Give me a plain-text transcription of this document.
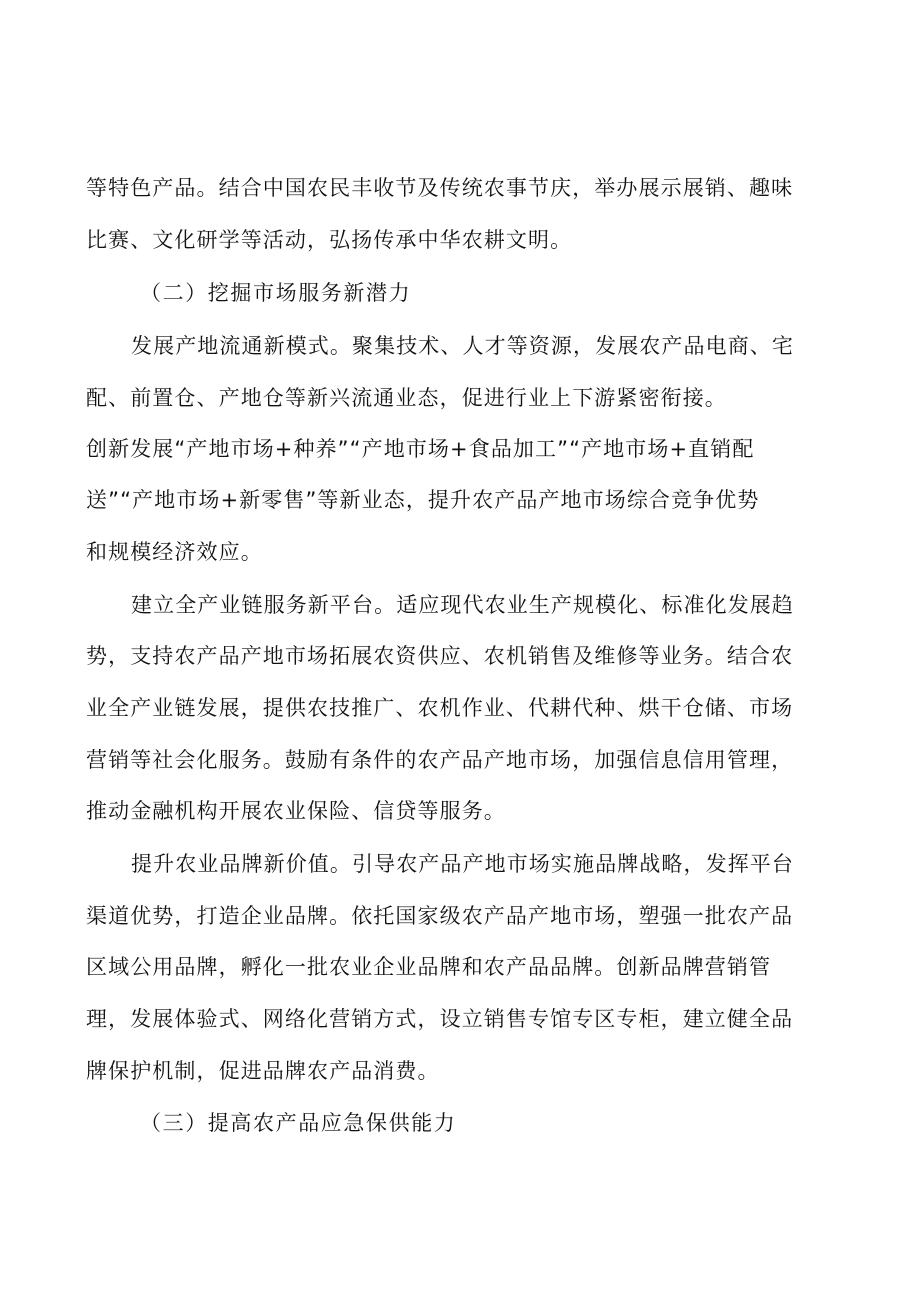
等特色产品。结合中国农民丰收节及传统农事节庆，举办展示展销、趣味
比赛、文化研学等活动，弘扬传承中华农耕文明。
（二）挖掘市场服务新潜力
发展产地流通新模式。聚集技术、人才等资源，发展农产品电商、宅
配、前置仓、产地仓等新兴流通业态，促进行业上下游紧密衔接。
创新发展“产地市场+种养”“产地市场+食品加工”“产地市场+直销配
送”“产地市场+新零售”等新业态，提升农产品产地市场综合竞争优势
和规模经济效应。
建立全产业链服务新平台。适应现代农业生产规模化、标准化发展趋
势，支持农产品产地市场拓展农资供应、农机销售及维修等业务。结合农
业全产业链发展，提供农技推广、农机作业、代耕代种、烘干仓储、市场
营销等社会化服务。鼓励有条件的农产品产地市场，加强信息信用管理，
推动金融机构开展农业保险、信贷等服务。
提升农业品牌新价值。引导农产品产地市场实施品牌战略，发挥平台
渠道优势，打造企业品牌。依托国家级农产品产地市场，塑强一批农产品
区域公用品牌，孵化一批农业企业品牌和农产品品牌。创新品牌营销管
理，发展体验式、网络化营销方式，设立销售专馆专区专柜，建立健全品
牌保护机制，促进品牌农产品消费。
（三）提高农产品应急保供能力
